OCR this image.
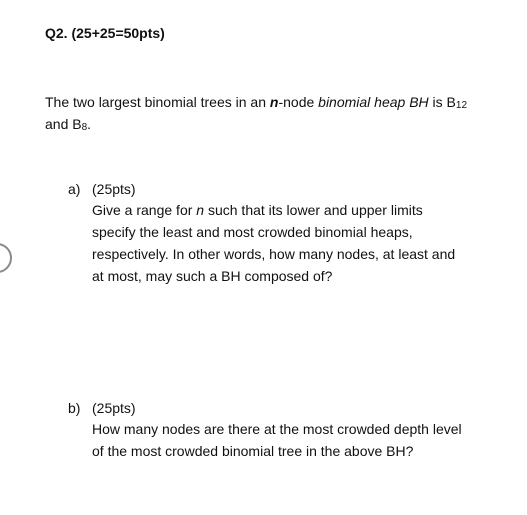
Q2. (25+25=50pts)
The two largest binomial trees in an n-node binomial heap BH is $B_{12}$
and $B_8$.
a) (25pts)
Give a range for n such that its lower and upper limits
specify the least and most crowded binomial heaps,
respectively. In other words, how many nodes, at least and
at most, may such a BH composed of?
b) (25pts)
How many nodes are there at the most crowded depth level
of the most crowded binomial tree in the above BH?
